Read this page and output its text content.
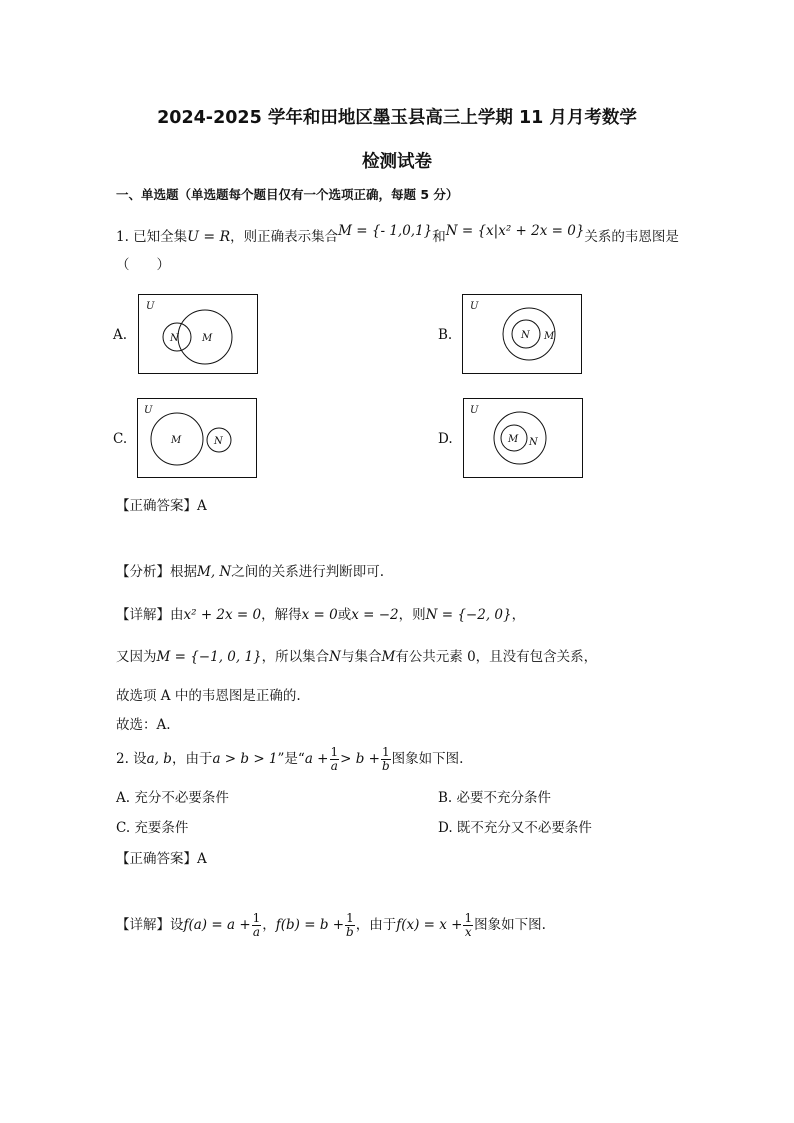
2024-2025 学年和田地区墨玉县高三上学期 11 月月考数学
检测试卷
一、单选题（单选题每个题目仅有一个选项正确，每题 5 分）
1. 已知全集U = R，则正确表示集合M = {- 1,0,1}和N = {x|x² + 2x = 0}关系的韦恩图是
（　　）
A.
U
N M	B.
U
N M
C.
U
M	N	D.
U
M N
【正确答案】A
【分析】根据M, N之间的关系进行判断即可.
【详解】由x² + 2x = 0，解得x = 0或x = −2，则N = {−2, 0}，
又因为M = {−1, 0, 1}，所以集合N与集合M有公共元素 0，且没有包含关系，
故选项 A 中的韦恩图是正确的.
故选：A.
2. 设a, b，由于a > b > 1”是“$a + \frac{1}{a} > b + \frac{1}{b}$ 图象如下图.
A. 充分不必要条件	B. 必要不充分条件
C. 充要条件	D. 既不充分又不必要条件
【正确答案】A
【详解】设$f(a) = a + \frac{1}{a}$ ，$f(b) = b + \frac{1}{b}$ ，由于$f(x) = x + \frac{1}{x}$ 图象如下图.
